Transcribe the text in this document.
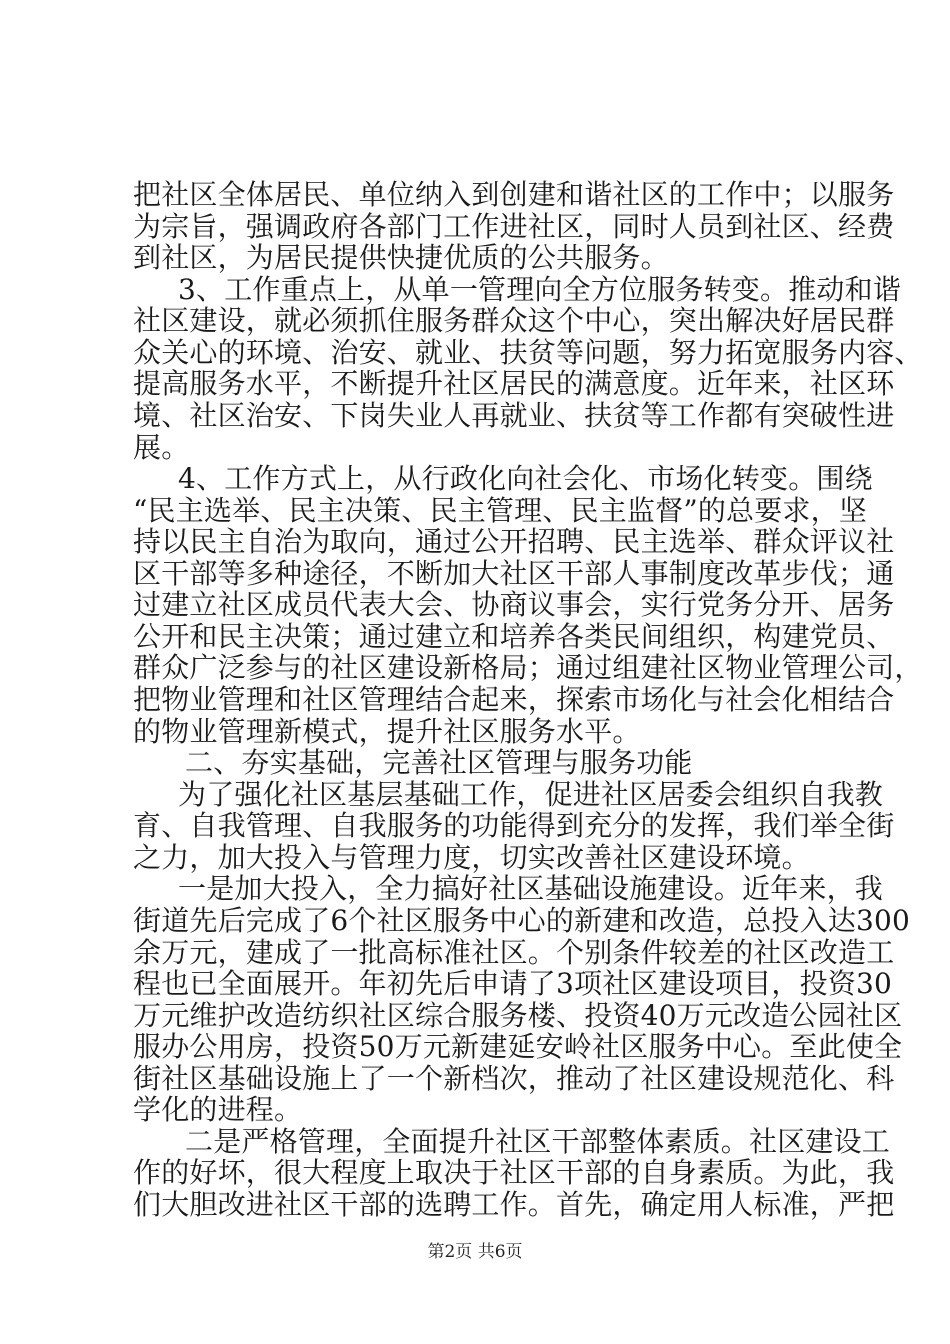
把社区全体居民、单位纳入到创建和谐社区的工作中；以服务
为宗旨，强调政府各部门工作进社区，同时人员到社区、经费
到社区，为居民提供快捷优质的公共服务。
3、工作重点上，从单一管理向全方位服务转变。推动和谐
社区建设，就必须抓住服务群众这个中心，突出解决好居民群
众关心的环境、治安、就业、扶贫等问题，努力拓宽服务内容、
提高服务水平，不断提升社区居民的满意度。近年来，社区环
境、社区治安、下岗失业人再就业、扶贫等工作都有突破性进
展。
4、工作方式上，从行政化向社会化、市场化转变。围绕
“民主选举、民主决策、民主管理、民主监督”的总要求，坚
持以民主自治为取向，通过公开招聘、民主选举、群众评议社
区干部等多种途径，不断加大社区干部人事制度改革步伐；通
过建立社区成员代表大会、协商议事会，实行党务分开、居务
公开和民主决策；通过建立和培养各类民间组织，构建党员、
群众广泛参与的社区建设新格局；通过组建社区物业管理公司，
把物业管理和社区管理结合起来，探索市场化与社会化相结合
的物业管理新模式，提升社区服务水平。
二、夯实基础，完善社区管理与服务功能
为了强化社区基层基础工作，促进社区居委会组织自我教
育、自我管理、自我服务的功能得到充分的发挥，我们举全街
之力，加大投入与管理力度，切实改善社区建设环境。
一是加大投入，全力搞好社区基础设施建设。近年来，我
街道先后完成了6个社区服务中心的新建和改造，总投入达300
余万元，建成了一批高标准社区。个别条件较差的社区改造工
程也已全面展开。年初先后申请了3项社区建设项目，投资30
万元维护改造纺织社区综合服务楼、投资40万元改造公园社区
服办公用房，投资50万元新建延安岭社区服务中心。至此使全
街社区基础设施上了一个新档次，推动了社区建设规范化、科
学化的进程。
二是严格管理，全面提升社区干部整体素质。社区建设工
作的好坏，很大程度上取决于社区干部的自身素质。为此，我
们大胆改进社区干部的选聘工作。首先，确定用人标准，严把
第2页 共6页
